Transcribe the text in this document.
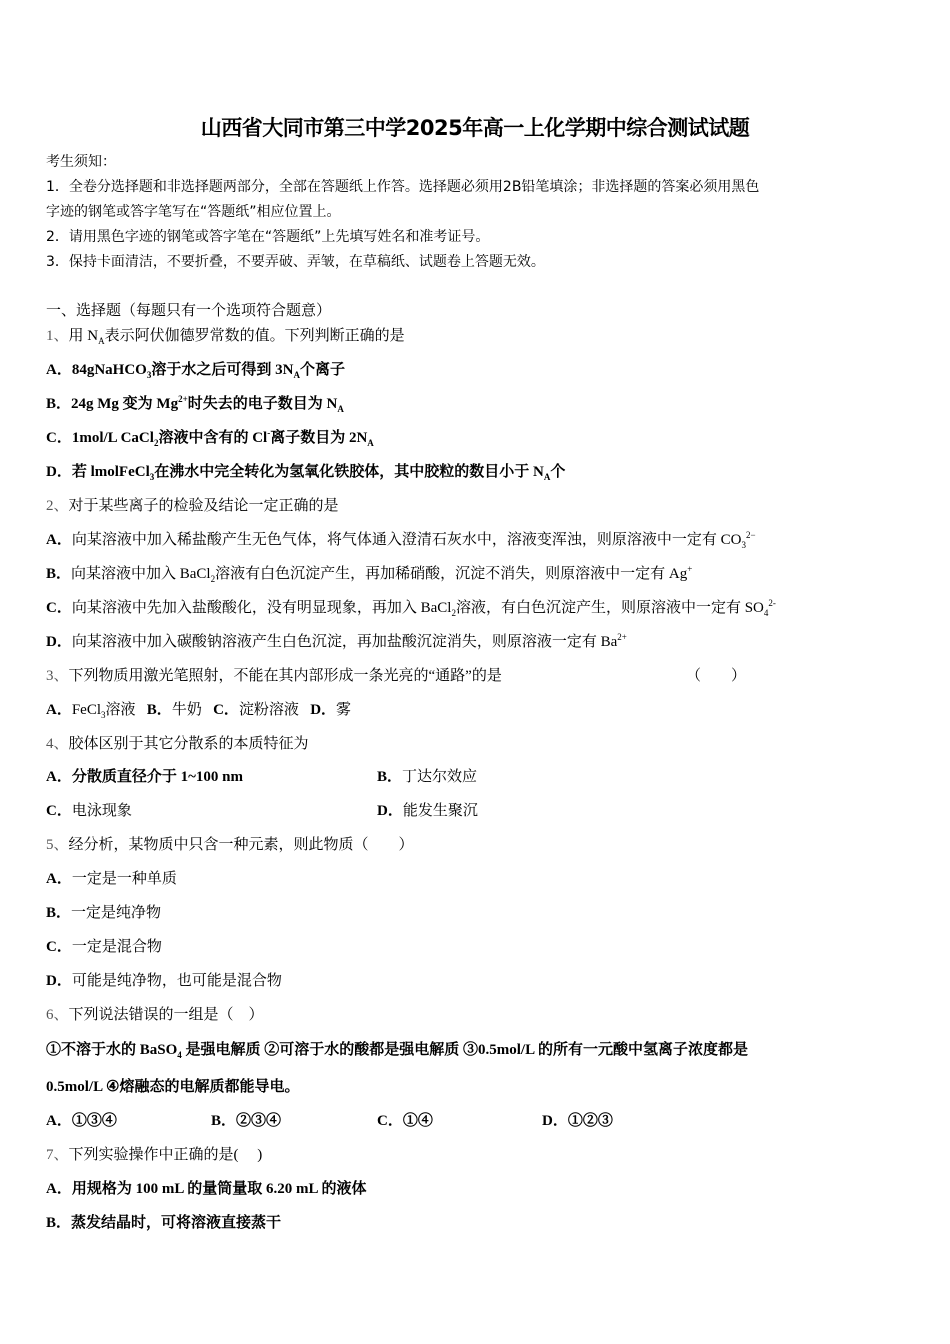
山西省大同市第三中学2025年高一上化学期中综合测试试题
考生须知：
1．全卷分选择题和非选择题两部分，全部在答题纸上作答。选择题必须用2B铅笔填涂；非选择题的答案必须用黑色
字迹的钢笔或答字笔写在“答题纸”相应位置上。
2．请用黑色字迹的钢笔或答字笔在“答题纸”上先填写姓名和准考证号。
3．保持卡面清洁，不要折叠，不要弄破、弄皱，在草稿纸、试题卷上答题无效。
一、选择题（每题只有一个选项符合题意）
1、用 $N_A$表示阿伏伽德罗常数的值。下列判断正确的是
A．84gNaHCO$_3$溶于水之后可得到 $3N_A$个离子
B．24g Mg 变为 $Mg^{2+}$时失去的电子数目为 $N_A$
C．1mol/L CaCl$_2$溶液中含有的 Cl-离子数目为 $2N_A$
D．若 lmolFeCl$_3$在沸水中完全转化为氢氧化铁胶体，其中胶粒的数目小于 $N_A$个
2、对于某些离子的检验及结论一定正确的是
A．向某溶液中加入稀盐酸产生无色气体，将气体通入澄清石灰水中，溶液变浑浊，则原溶液中一定有 $CO_3^{2-}$
B．向某溶液中加入 BaCl$_2$溶液有白色沉淀产生，再加稀硝酸，沉淀不消失，则原溶液中一定有 Ag+
C．向某溶液中先加入盐酸酸化，没有明显现象，再加入 BaCl$_2$溶液，有白色沉淀产生，则原溶液中一定有 $SO_4^{2-}$
D．向某溶液中加入碳酸钠溶液产生白色沉淀，再加盐酸沉淀消失，则原溶液一定有 $Ba^{2+}$
3、下列物质用激光笔照射，不能在其内部形成一条光亮的“通路”的是	（　　）
A．FeCl$_3$溶液 B．牛奶 C．淀粉溶液 D．雾
4、胶体区别于其它分散系的本质特征为
A．分散质直径介于 1~100 nm	B．丁达尔效应
C．电泳现象	D．能发生聚沉
5、经分析，某物质中只含一种元素，则此物质（　　）
A．一定是一种单质
B．一定是纯净物
C．一定是混合物
D．可能是纯净物，也可能是混合物
6、下列说法错误的一组是（　）
①不溶于水的 BaSO$_4$ 是强电解质 ②可溶于水的酸都是强电解质 ③0.5mol/L 的所有一元酸中氢离子浓度都是
0.5mol/L ④熔融态的电解质都能导电。
A．①③④	B．②③④	C．①④	D．①②③
7、下列实验操作中正确的是(　 )
A．用规格为 100 mL 的量筒量取 6.20 mL 的液体
B．蒸发结晶时，可将溶液直接蒸干
